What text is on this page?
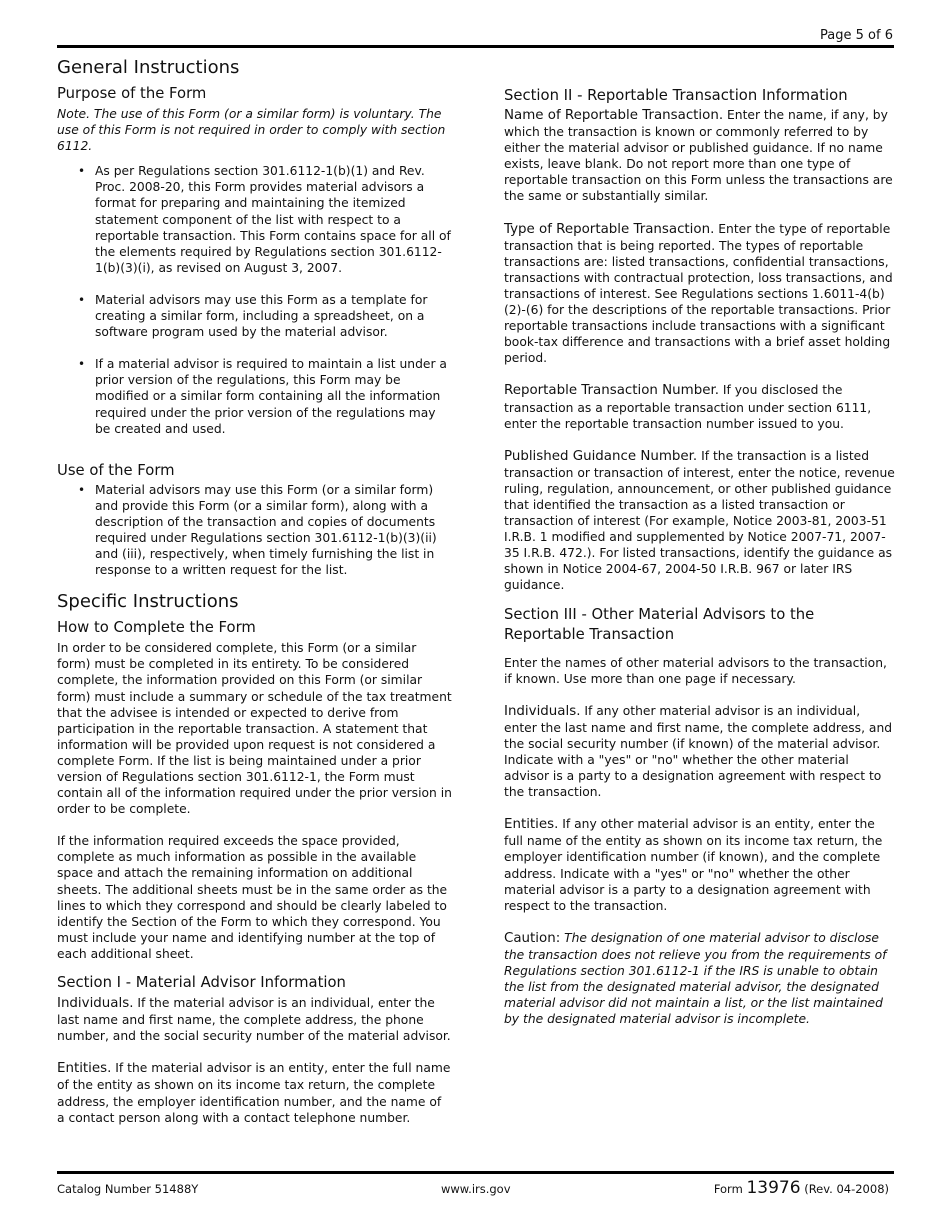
Page 5 of 6
General Instructions
Purpose of the Form

Note. The use of this Form (or a similar form) is voluntary. The use of this Form is not required in order to comply with section 6112.

• As per Regulations section 301.6112-1(b)(1) and Rev. Proc. 2008-20, this Form provides material advisors a format for preparing and maintaining the itemized statement component of the list with respect to a reportable transaction. This Form contains space for all of the elements required by Regulations section 301.6112-1(b)(3)(i), as revised on August 3, 2007.
• Material advisors may use this Form as a template for creating a similar form, including a spreadsheet, on a software program used by the material advisor.
• If a material advisor is required to maintain a list under a prior version of the regulations, this Form may be modified or a similar form containing all the information required under the prior version of the regulations may be created and used.
Use of the Form
• Material advisors may use this Form (or a similar form) and provide this Form (or a similar form), along with a description of the transaction and copies of documents required under Regulations section 301.6112-1(b)(3)(ii) and (iii), respectively, when timely furnishing the list in response to a written request for the list.
Specific Instructions
How to Complete the Form

In order to be considered complete, this Form (or a similar form) must be completed in its entirety. To be considered complete, the information provided on this Form (or similar form) must include a summary or schedule of the tax treatment that the advisee is intended or expected to derive from participation in the reportable transaction. A statement that information will be provided upon request is not considered a complete Form. If the list is being maintained under a prior version of Regulations section 301.6112-1, the Form must contain all of the information required under the prior version in order to be complete.

If the information required exceeds the space provided, complete as much information as possible in the available space and attach the remaining information on additional sheets. The additional sheets must be in the same order as the lines to which they correspond and should be clearly labeled to identify the Section of the Form to which they correspond. You must include your name and identifying number at the top of each additional sheet.

Section I - Material Advisor Information

Individuals. If the material advisor is an individual, enter the last name and first name, the complete address, the phone number, and the social security number of the material advisor.

Entities. If the material advisor is an entity, enter the full name of the entity as shown on its income tax return, the complete address, the employer identification number, and the name of a contact person along with a contact telephone number.

Section II - Reportable Transaction Information

Name of Reportable Transaction. Enter the name, if any, by which the transaction is known or commonly referred to by either the material advisor or published guidance. If no name exists, leave blank. Do not report more than one type of reportable transaction on this Form unless the transactions are the same or substantially similar.

Type of Reportable Transaction. Enter the type of reportable transaction that is being reported. The types of reportable transactions are: listed transactions, confidential transactions, transactions with contractual protection, loss transactions, and transactions of interest. See Regulations sections 1.6011-4(b)(2)-(6) for the descriptions of the reportable transactions. Prior reportable transactions include transactions with a significant book-tax difference and transactions with a brief asset holding period.

Reportable Transaction Number. If you disclosed the transaction as a reportable transaction under section 6111, enter the reportable transaction number issued to you.

Published Guidance Number. If the transaction is a listed transaction or transaction of interest, enter the notice, revenue ruling, regulation, announcement, or other published guidance that identified the transaction as a listed transaction or transaction of interest (For example, Notice 2003-81, 2003-51 I.R.B. 1 modified and supplemented by Notice 2007-71, 2007-35 I.R.B. 472.). For listed transactions, identify the guidance as shown in Notice 2004-67, 2004-50 I.R.B. 967 or later IRS guidance.

Section III - Other Material Advisors to the Reportable Transaction

Enter the names of other material advisors to the transaction, if known. Use more than one page if necessary.

Individuals. If any other material advisor is an individual, enter the last name and first name, the complete address, and the social security number (if known) of the material advisor. Indicate with a "yes" or "no" whether the other material advisor is a party to a designation agreement with respect to the transaction.

Entities. If any other material advisor is an entity, enter the full name of the entity as shown on its income tax return, the employer identification number (if known), and the complete address. Indicate with a "yes" or "no" whether the other material advisor is a party to a designation agreement with respect to the transaction.

Caution: The designation of one material advisor to disclose the transaction does not relieve you from the requirements of Regulations section 301.6112-1 if the IRS is unable to obtain the list from the designated material advisor, the designated material advisor did not maintain a list, or the list maintained by the designated material advisor is incomplete.

Catalog Number 51488Y	www.irs.gov	Form 13976 (Rev. 04-2008)
